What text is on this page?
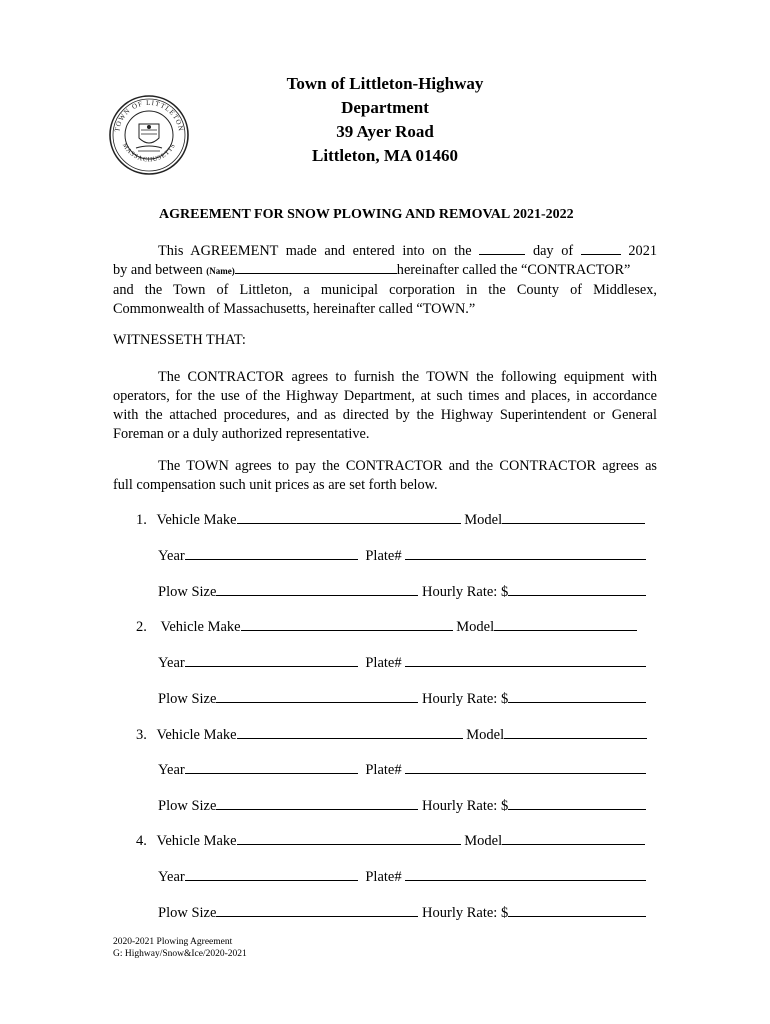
TOWN OF LITTLETON
MASSACHUSETTS
Town of Littleton-Highway
Department
39 Ayer Road
Littleton, MA 01460
AGREEMENT FOR SNOW PLOWING AND REMOVAL 2021-2022
This AGREEMENT made and entered into on the	day of	2021
by and between (Name)	hereinafter called the “CONTRACTOR”
and the Town of Littleton, a municipal corporation in the County of Middlesex,
Commonwealth of Massachusetts, hereinafter called “TOWN.”
WITNESSETH THAT:
The CONTRACTOR agrees to furnish the TOWN the following equipment with
operators, for the use of the Highway Department, at such times and places, in accordance
with the attached procedures, and as directed by the Highway Superintendent or General
Foreman or a duly authorized representative.
The TOWN agrees to pay the CONTRACTOR and the CONTRACTOR agrees as
full compensation such unit prices as are set forth below.
1. Vehicle Make	Model
Year	Plate#
Plow Size	Hourly Rate: $
2. Vehicle Make	Model
Year	Plate#
Plow Size	Hourly Rate: $
3. Vehicle Make	Model
Year	Plate#
Plow Size	Hourly Rate: $
4. Vehicle Make	Model
Year	Plate#
Plow Size	Hourly Rate: $
2020-2021 Plowing Agreement
G: Highway/Snow&Ice/2020-2021
